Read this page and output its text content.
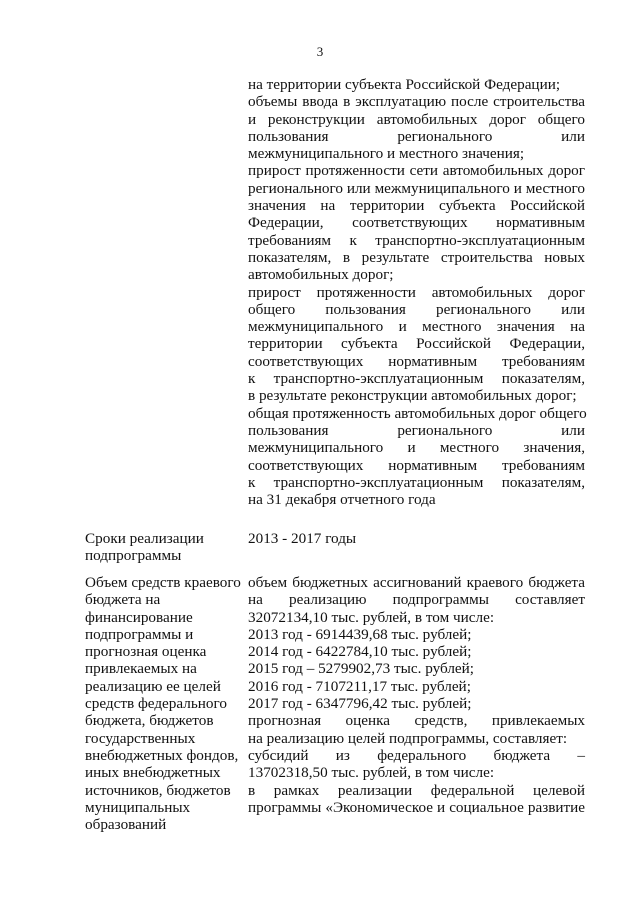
3
на территории субъекта Российской Федерации;
объемы ввода в эксплуатацию после строительства
и реконструкции автомобильных дорог общего
пользования регионального или
межмуниципального и местного значения;
прирост протяженности сети автомобильных дорог
регионального или межмуниципального и местного
значения на территории субъекта Российской
Федерации, соответствующих нормативным
требованиям к транспортно-эксплуатационным
показателям, в результате строительства новых
автомобильных дорог;
прирост протяженности автомобильных дорог
общего пользования регионального или
межмуниципального и местного значения на
территории субъекта Российской Федерации,
соответствующих нормативным требованиям
к транспортно-эксплуатационным показателям,
в результате реконструкции автомобильных дорог;
общая протяженность автомобильных дорог общего
пользования регионального или
межмуниципального и местного значения,
соответствующих нормативным требованиям
к транспортно-эксплуатационным показателям,
на 31 декабря отчетного года
Сроки реализации
подпрограммы
2013 - 2017 годы
Объем средств краевого
бюджета на
финансирование
подпрограммы и
прогнозная оценка
привлекаемых на
реализацию ее целей
средств федерального
бюджета, бюджетов
государственных
внебюджетных фондов,
иных внебюджетных
источников, бюджетов
муниципальных
образований
объем бюджетных ассигнований краевого бюджета
на реализацию подпрограммы составляет
32072134,10 тыс. рублей, в том числе:
2013 год - 6914439,68 тыс. рублей;
2014 год - 6422784,10 тыс. рублей;
2015 год – 5279902,73 тыс. рублей;
2016 год - 7107211,17 тыс. рублей;
2017 год - 6347796,42 тыс. рублей;
прогнозная оценка средств, привлекаемых
на реализацию целей подпрограммы, составляет:
субсидий из федерального бюджета –
13702318,50 тыс. рублей, в том числе:
в рамках реализации федеральной целевой
программы «Экономическое и социальное развитие
